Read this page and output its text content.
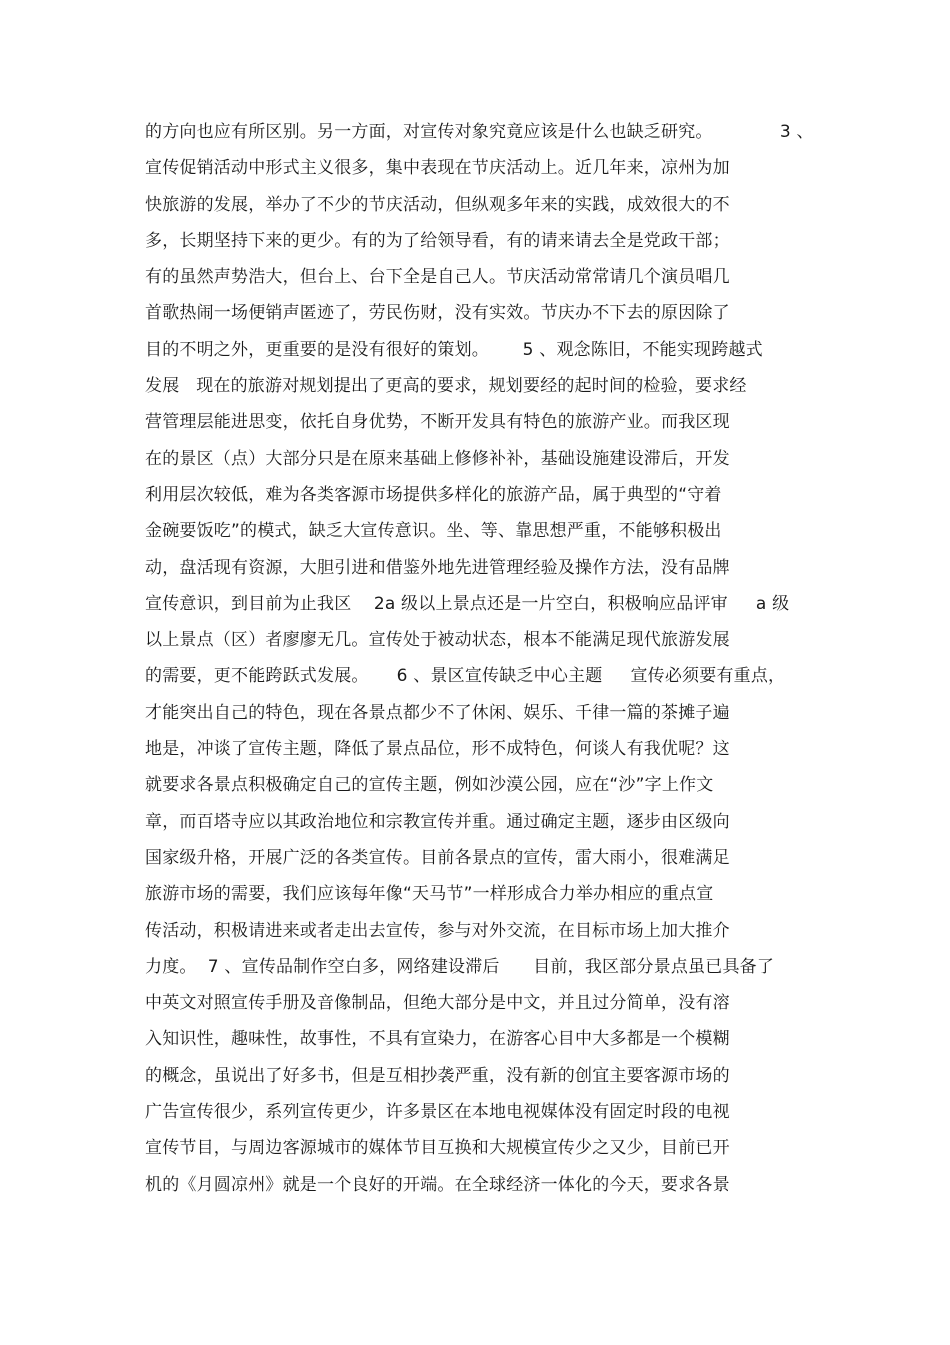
的方向也应有所区别。另一方面，对宣传对象究竟应该是什么也缺乏研究。            3 、
宣传促销活动中形式主义很多，集中表现在节庆活动上。近几年来，凉州为加
快旅游的发展，举办了不少的节庆活动，但纵观多年来的实践，成效很大的不
多，长期坚持下来的更少。有的为了给领导看，有的请来请去全是党政干部；
有的虽然声势浩大，但台上、台下全是自己人。节庆活动常常请几个演员唱几
首歌热闹一场便销声匿迹了，劳民伤财，没有实效。节庆办不下去的原因除了
目的不明之外，更重要的是没有很好的策划。      5 、观念陈旧，不能实现跨越式
发展   现在的旅游对规划提出了更高的要求，规划要经的起时间的检验，要求经
营管理层能进思变，依托自身优势，不断开发具有特色的旅游产业。而我区现
在的景区（点）大部分只是在原来基础上修修补补，基础设施建设滞后，开发
利用层次较低，难为各类客源市场提供多样化的旅游产品，属于典型的“守着
金碗要饭吃”的模式，缺乏大宣传意识。坐、等、靠思想严重，不能够积极出
动，盘活现有资源，大胆引进和借鉴外地先进管理经验及操作方法，没有品牌
宣传意识，到目前为止我区    2a 级以上景点还是一片空白，积极响应品评审     a 级
以上景点（区）者廖廖无几。宣传处于被动状态，根本不能满足现代旅游发展
的需要，更不能跨跃式发展。     6 、景区宣传缺乏中心主题     宣传必须要有重点，
才能突出自己的特色，现在各景点都少不了休闲、娱乐、千律一篇的茶摊子遍
地是，冲谈了宣传主题，降低了景点品位，形不成特色，何谈人有我优呢？这
就要求各景点积极确定自己的宣传主题，例如沙漠公园，应在“沙”字上作文
章，而百塔寺应以其政治地位和宗教宣传并重。通过确定主题，逐步由区级向
国家级升格，开展广泛的各类宣传。目前各景点的宣传，雷大雨小，很难满足
旅游市场的需要，我们应该每年像“天马节”一样形成合力举办相应的重点宣
传活动，积极请进来或者走出去宣传，参与对外交流，在目标市场上加大推介
力度。  7 、宣传品制作空白多，网络建设滞后      目前，我区部分景点虽已具备了
中英文对照宣传手册及音像制品，但绝大部分是中文，并且过分简单，没有溶
入知识性，趣味性，故事性，不具有宣染力，在游客心目中大多都是一个模糊
的概念，虽说出了好多书，但是互相抄袭严重，没有新的创宜主要客源市场的
广告宣传很少，系列宣传更少，许多景区在本地电视媒体没有固定时段的电视
宣传节目，与周边客源城市的媒体节目互换和大规模宣传少之又少，目前已开
机的《月圆凉州》就是一个良好的开端。在全球经济一体化的今天，要求各景
